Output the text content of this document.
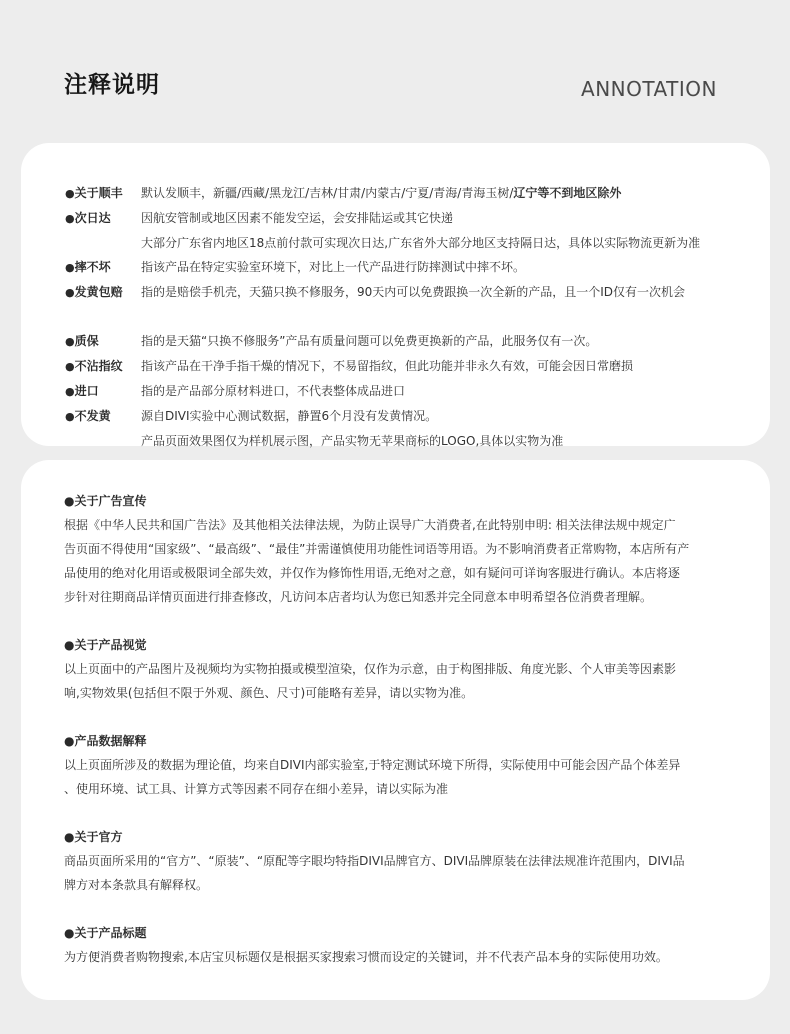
注释说明	ANNOTATION
●关于顺丰	默认发顺丰，新疆/西藏/黑龙江/吉林/甘肃/内蒙古/宁夏/青海/青海玉树/辽宁等不到地区除外
●次日达	因航安管制或地区因素不能发空运，会安排陆运或其它快递
大部分广东省内地区18点前付款可实现次日达,广东省外大部分地区支持隔日达，具体以实际物流更新为准
●摔不坏	指该产品在特定实验室环境下，对比上一代产品进行防摔测试中摔不坏。
●发黄包赔	指的是赔偿手机壳，天猫只换不修服务，90天内可以免费跟换一次全新的产品，且一个ID仅有一次机会
●质保	指的是天猫“只换不修服务”产品有质量问题可以免费更换新的产品，此服务仅有一次。
●不沾指纹	指该产品在干净手指干燥的情况下，不易留指纹，但此功能并非永久有效，可能会因日常磨损
●进口	指的是产品部分原材料进口，不代表整体成品进口
●不发黄	源自DIVI实验中心测试数据，静置6个月没有发黄情况。
产品页面效果图仅为样机展示图，产品实物无苹果商标的LOGO,具体以实物为准
●关于广告宣传
根据《中华人民共和国广告法》及其他相关法律法规，为防止误导广大消费者,在此特别申明: 相关法律法规中规定广
告页面不得使用“国家级”、“最高级”、“最佳”并需谨慎使用功能性词语等用语。为不影响消费者正常购物，本店所有产
品使用的绝对化用语或极限词全部失效，并仅作为修饰性用语,无绝对之意，如有疑问可详询客服进行确认。本店将逐
步针对往期商品详情页面进行排查修改，凡访问本店者均认为您已知悉并完全同意本申明希望各位消费者理解。
●关于产品视觉
以上页面中的产品图片及视频均为实物拍摄或模型渲染，仅作为示意，由于构图排版、角度光影、个人审美等因素影
响,实物效果(包括但不限于外观、颜色、尺寸)可能略有差异，请以实物为准。
●产品数据解释
以上页面所涉及的数据为理论值，均来自DIVI内部实验室,于特定测试环境下所得，实际使用中可能会因产品个体差异
、使用环境、试工具、计算方式等因素不同存在细小差异，请以实际为准
●关于官方
商品页面所采用的“官方”、“原装”、“原配等字眼均特指DIVI品牌官方、DIVI品牌原装在法律法规准许范围内，DIVI品
牌方对本条款具有解释权。
●关于产品标题
为方便消费者购物搜索,本店宝贝标题仅是根据买家搜索习惯而设定的关键词，并不代表产品本身的实际使用功效。
